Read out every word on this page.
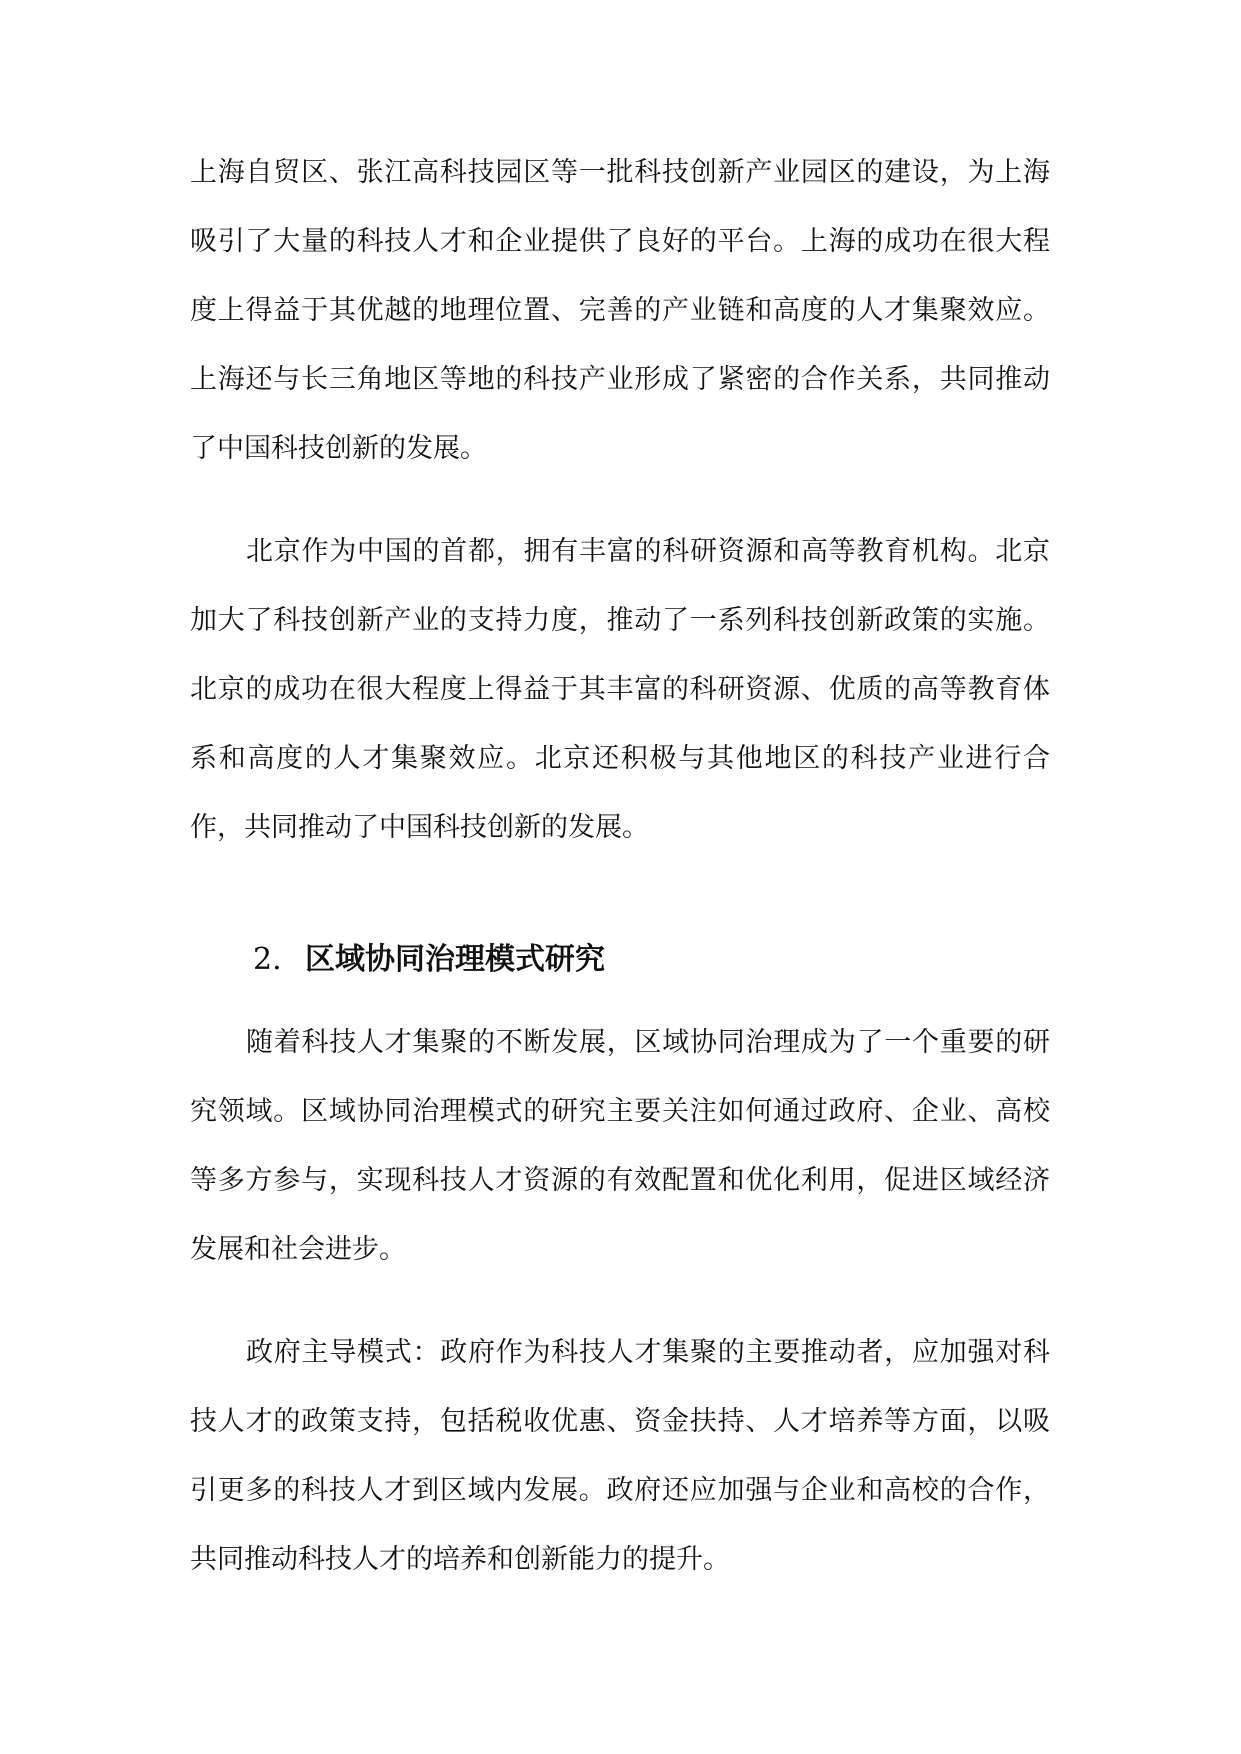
上海自贸区、张江高科技园区等一批科技创新产业园区的建设，为上海吸引了大量的科技人才和企业提供了良好的平台。上海的成功在很大程度上得益于其优越的地理位置、完善的产业链和高度的人才集聚效应。上海还与长三角地区等地的科技产业形成了紧密的合作关系，共同推动了中国科技创新的发展。

北京作为中国的首都，拥有丰富的科研资源和高等教育机构。北京加大了科技创新产业的支持力度，推动了一系列科技创新政策的实施。北京的成功在很大程度上得益于其丰富的科研资源、优质的高等教育体系和高度的人才集聚效应。北京还积极与其他地区的科技产业进行合作，共同推动了中国科技创新的发展。

2. 区域协同治理模式研究

随着科技人才集聚的不断发展，区域协同治理成为了一个重要的研究领域。区域协同治理模式的研究主要关注如何通过政府、企业、高校等多方参与，实现科技人才资源的有效配置和优化利用，促进区域经济发展和社会进步。

政府主导模式：政府作为科技人才集聚的主要推动者，应加强对科技人才的政策支持，包括税收优惠、资金扶持、人才培养等方面，以吸引更多的科技人才到区域内发展。政府还应加强与企业和高校的合作，共同推动科技人才的培养和创新能力的提升。
